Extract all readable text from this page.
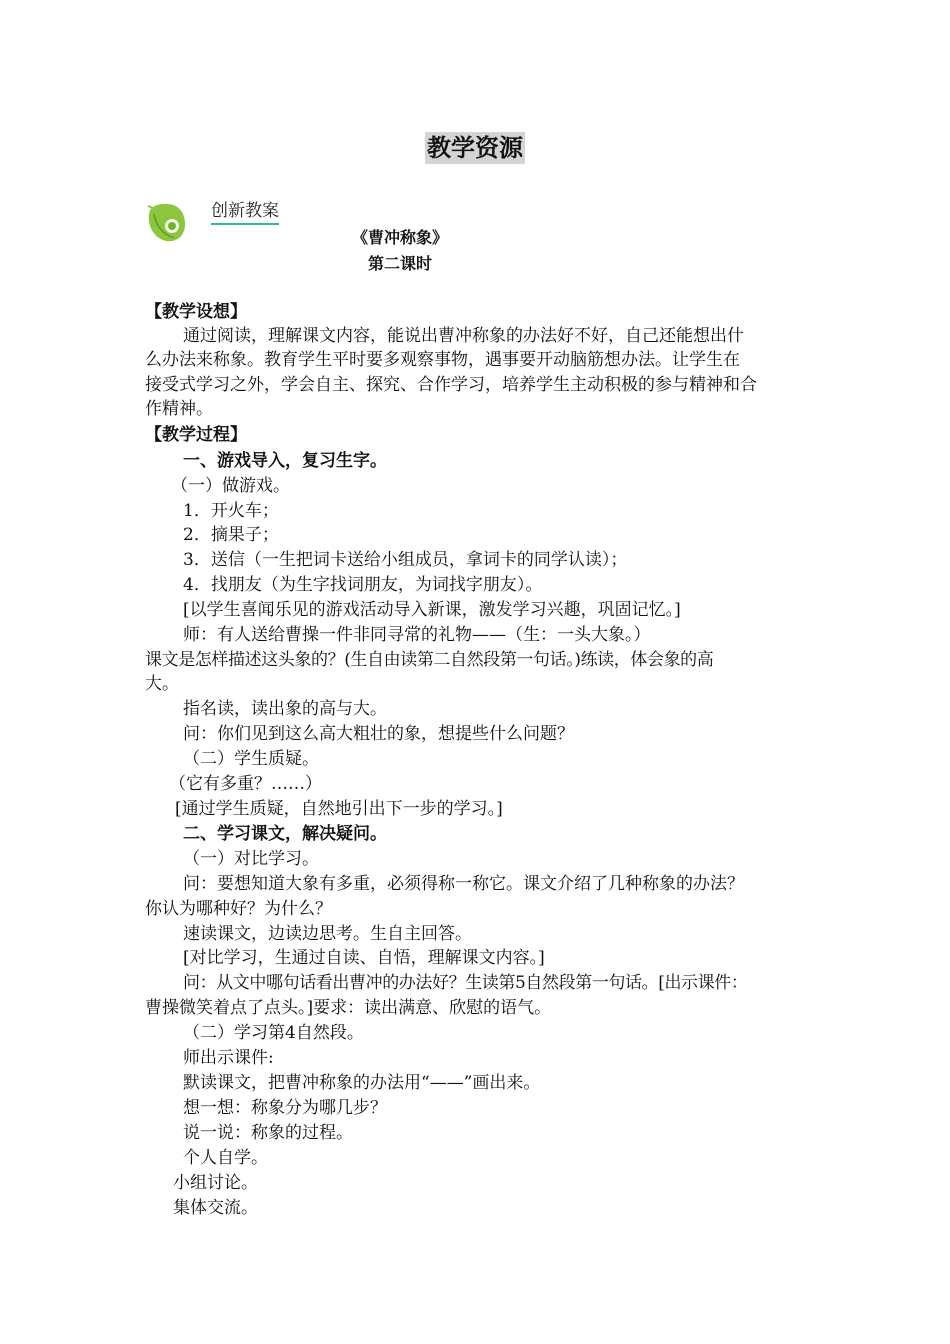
教学资源
创新教案
《曹冲称象》
第二课时
【教学设想】
通过阅读，理解课文内容，能说出曹冲称象的办法好不好，自己还能想出什
么办法来称象。教育学生平时要多观察事物，遇事要开动脑筋想办法。让学生在
接受式学习之外，学会自主、探究、合作学习，培养学生主动积极的参与精神和合
作精神。
【教学过程】
一、游戏导入，复习生字。
（一）做游戏。
1．开火车；
2．摘果子；
3．送信（一生把词卡送给小组成员，拿词卡的同学认读）；
4．找朋友（为生字找词朋友，为词找字朋友）。
[以学生喜闻乐见的游戏活动导入新课，激发学习兴趣，巩固记忆。]
师：有人送给曹操一件非同寻常的礼物——（生：一头大象。）
课文是怎样描述这头象的？(生自由读第二自然段第一句话。)练读，体会象的高
大。
指名读，读出象的高与大。
问：你们见到这么高大粗壮的象，想提些什么问题？
（二）学生质疑。
（它有多重？……）
[通过学生质疑，自然地引出下一步的学习。]
二、学习课文，解决疑问。
（一）对比学习。
问：要想知道大象有多重，必须得称一称它。课文介绍了几种称象的办法？
你认为哪种好？为什么？
速读课文，边读边思考。生自主回答。
[对比学习，生通过自读、自悟，理解课文内容。]
问：从文中哪句话看出曹冲的办法好？生读第5自然段第一句话。[出示课件：
曹操微笑着点了点头。]要求：读出满意、欣慰的语气。
（二）学习第4自然段。
师出示课件:
默读课文，把曹冲称象的办法用“——”画出来。
想一想：称象分为哪几步？
说一说：称象的过程。
个人自学。
小组讨论。
集体交流。
